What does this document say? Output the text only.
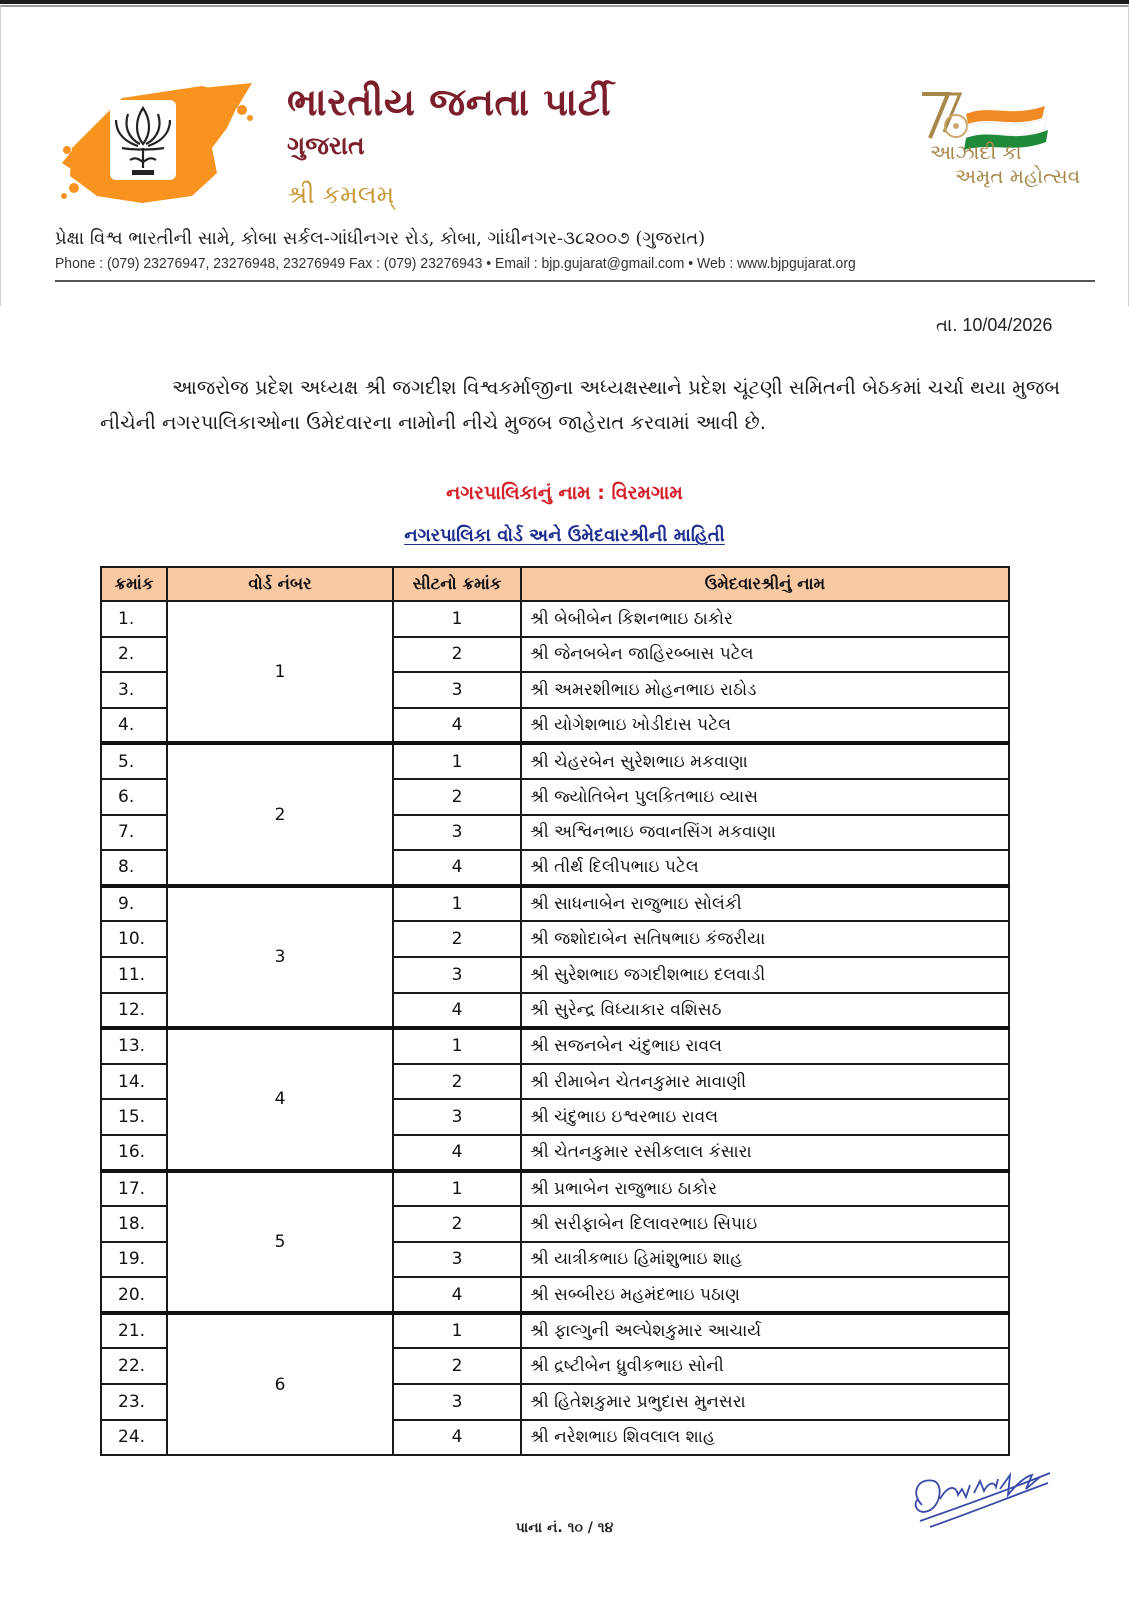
ભારતીય જનતા પાર્ટી
ગુજરાત
શ્રી કમલમ્
આઝાદી કા
અમૃત મહોત્સવ
પ્રેક્ષા વિશ્વ ભારતીની સામે, કોબા સર્કલ-ગાંધીનગર રોડ, કોબા, ગાંધીનગર-૩૮૨૦૦૭ (ગુજરાત)
Phone : (079) 23276947, 23276948, 23276949 Fax : (079) 23276943 • Email : bjp.gujarat@gmail.com • Web : www.bjpgujarat.org
તા. 10/04/2026

આજરોજ પ્રદેશ અધ્યક્ષ શ્રી જગદીશ વિશ્વકર્માજીના અધ્યક્ષસ્થાને પ્રદેશ ચૂંટણી સમિતની બેઠકમાં ચર્ચા થયા મુજબ નીચેની નગરપાલિકાઓના ઉમેદવારના નામોની નીચે મુજબ જાહેરાત કરવામાં આવી છે.

નગરપાલિકાનું નામ : વિરમગામ
નગરપાલિકા વોર્ડ અને ઉમેદવારશ્રીની માહિતી
ક્રમાંક	વોર્ડ નંબર	સીટનો ક્રમાંક	ઉમેદવારશ્રીનું નામ
1.	1	1	શ્રી બેબીબેન કિશનભાઇ ઠાકોર
2.		2	શ્રી જેનબબેન જાહિરબ્બાસ પટેલ
3.		3	શ્રી અમરશીભાઇ મોહનભાઇ રાઠોડ
4.		4	શ્રી યોગેશભાઇ ખોડીદાસ પટેલ
5.	2	1	શ્રી ચેહરબેન સુરેશભાઇ મકવાણા
6.		2	શ્રી જ્યોતિબેન પુલકિતભાઇ વ્યાસ
7.		3	શ્રી અશ્વિનભાઇ જવાનસિંગ મકવાણા
8.		4	શ્રી તીર્થ દિલીપભાઇ પટેલ
9.	3	1	શ્રી સાધનાબેન રાજુભાઇ સોલંકી
10.		2	શ્રી જશોદાબેન સતિષભાઇ કંજરીયા
11.		3	શ્રી સુરેશભાઇ જગદીશભાઇ દલવાડી
12.		4	શ્રી સુરેન્દ્ર વિધ્યાકાર વશિસઠ
13.	4	1	શ્રી સજનબેન ચંદુભાઇ રાવલ
14.		2	શ્રી રીમાબેન ચેતનકુમાર માવાણી
15.		3	શ્રી ચંદુભાઇ ઇશ્વરભાઇ રાવલ
16.		4	શ્રી ચેતનકુમાર રસીકલાલ કંસારા
17.	5	1	શ્રી પ્રભાબેન રાજુભાઇ ઠાકોર
18.		2	શ્રી સરીફાબેન દિલાવરભાઇ સિપાઇ
19.		3	શ્રી યાત્રીકભાઇ હિમાંશુભાઇ શાહ
20.		4	શ્રી સબ્બીરઇ મહમંદભાઇ પઠાણ
21.	6	1	શ્રી ફાલ્ગુની અલ્પેશકુમાર આચાર્ય
22.		2	શ્રી દ્રષ્ટીબેન ધ્રુવીકભાઇ સોની
23.		3	શ્રી હિતેશકુમાર પ્રભુદાસ મુનસરા
24.		4	શ્રી નરેશભાઇ શિવલાલ શાહ
પાના નં. ૧૦ / ૧૪
